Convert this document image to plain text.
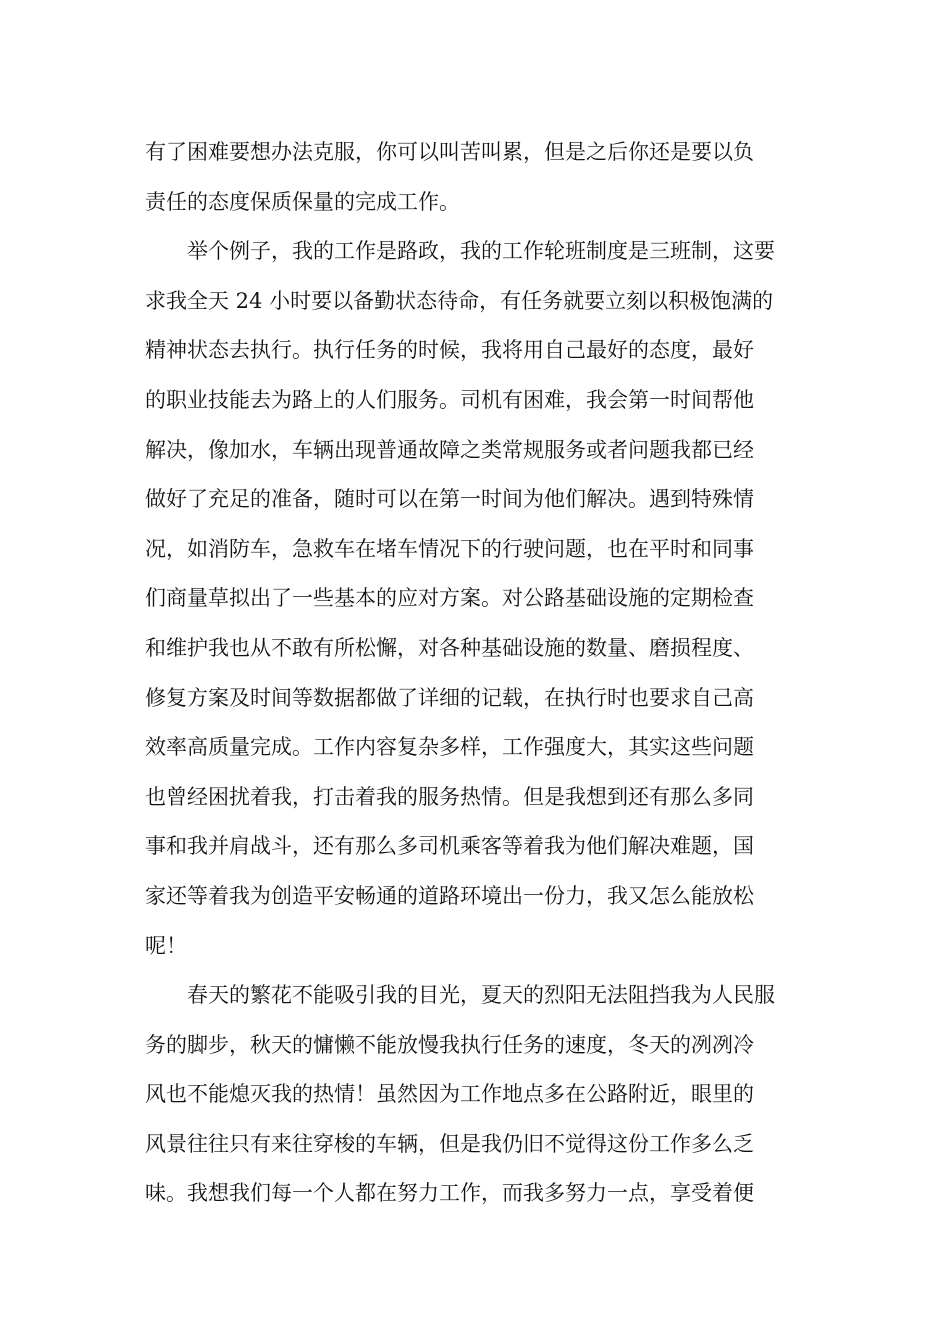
有了困难要想办法克服，你可以叫苦叫累，但是之后你还是要以负
责任的态度保质保量的完成工作。
　　举个例子，我的工作是路政，我的工作轮班制度是三班制，这要
求我全天 24 小时要以备勤状态待命，有任务就要立刻以积极饱满的
精神状态去执行。执行任务的时候，我将用自己最好的态度，最好
的职业技能去为路上的人们服务。司机有困难，我会第一时间帮他
解决，像加水，车辆出现普通故障之类常规服务或者问题我都已经
做好了充足的准备，随时可以在第一时间为他们解决。遇到特殊情
况，如消防车，急救车在堵车情况下的行驶问题，也在平时和同事
们商量草拟出了一些基本的应对方案。对公路基础设施的定期检查
和维护我也从不敢有所松懈，对各种基础设施的数量、磨损程度、
修复方案及时间等数据都做了详细的记载，在执行时也要求自己高
效率高质量完成。工作内容复杂多样，工作强度大，其实这些问题
也曾经困扰着我，打击着我的服务热情。但是我想到还有那么多同
事和我并肩战斗，还有那么多司机乘客等着我为他们解决难题，国
家还等着我为创造平安畅通的道路环境出一份力，我又怎么能放松
呢！
　　春天的繁花不能吸引我的目光，夏天的烈阳无法阻挡我为人民服
务的脚步，秋天的慵懒不能放慢我执行任务的速度，冬天的冽冽冷
风也不能熄灭我的热情！虽然因为工作地点多在公路附近，眼里的
风景往往只有来往穿梭的车辆，但是我仍旧不觉得这份工作多么乏
味。我想我们每一个人都在努力工作，而我多努力一点，享受着便
